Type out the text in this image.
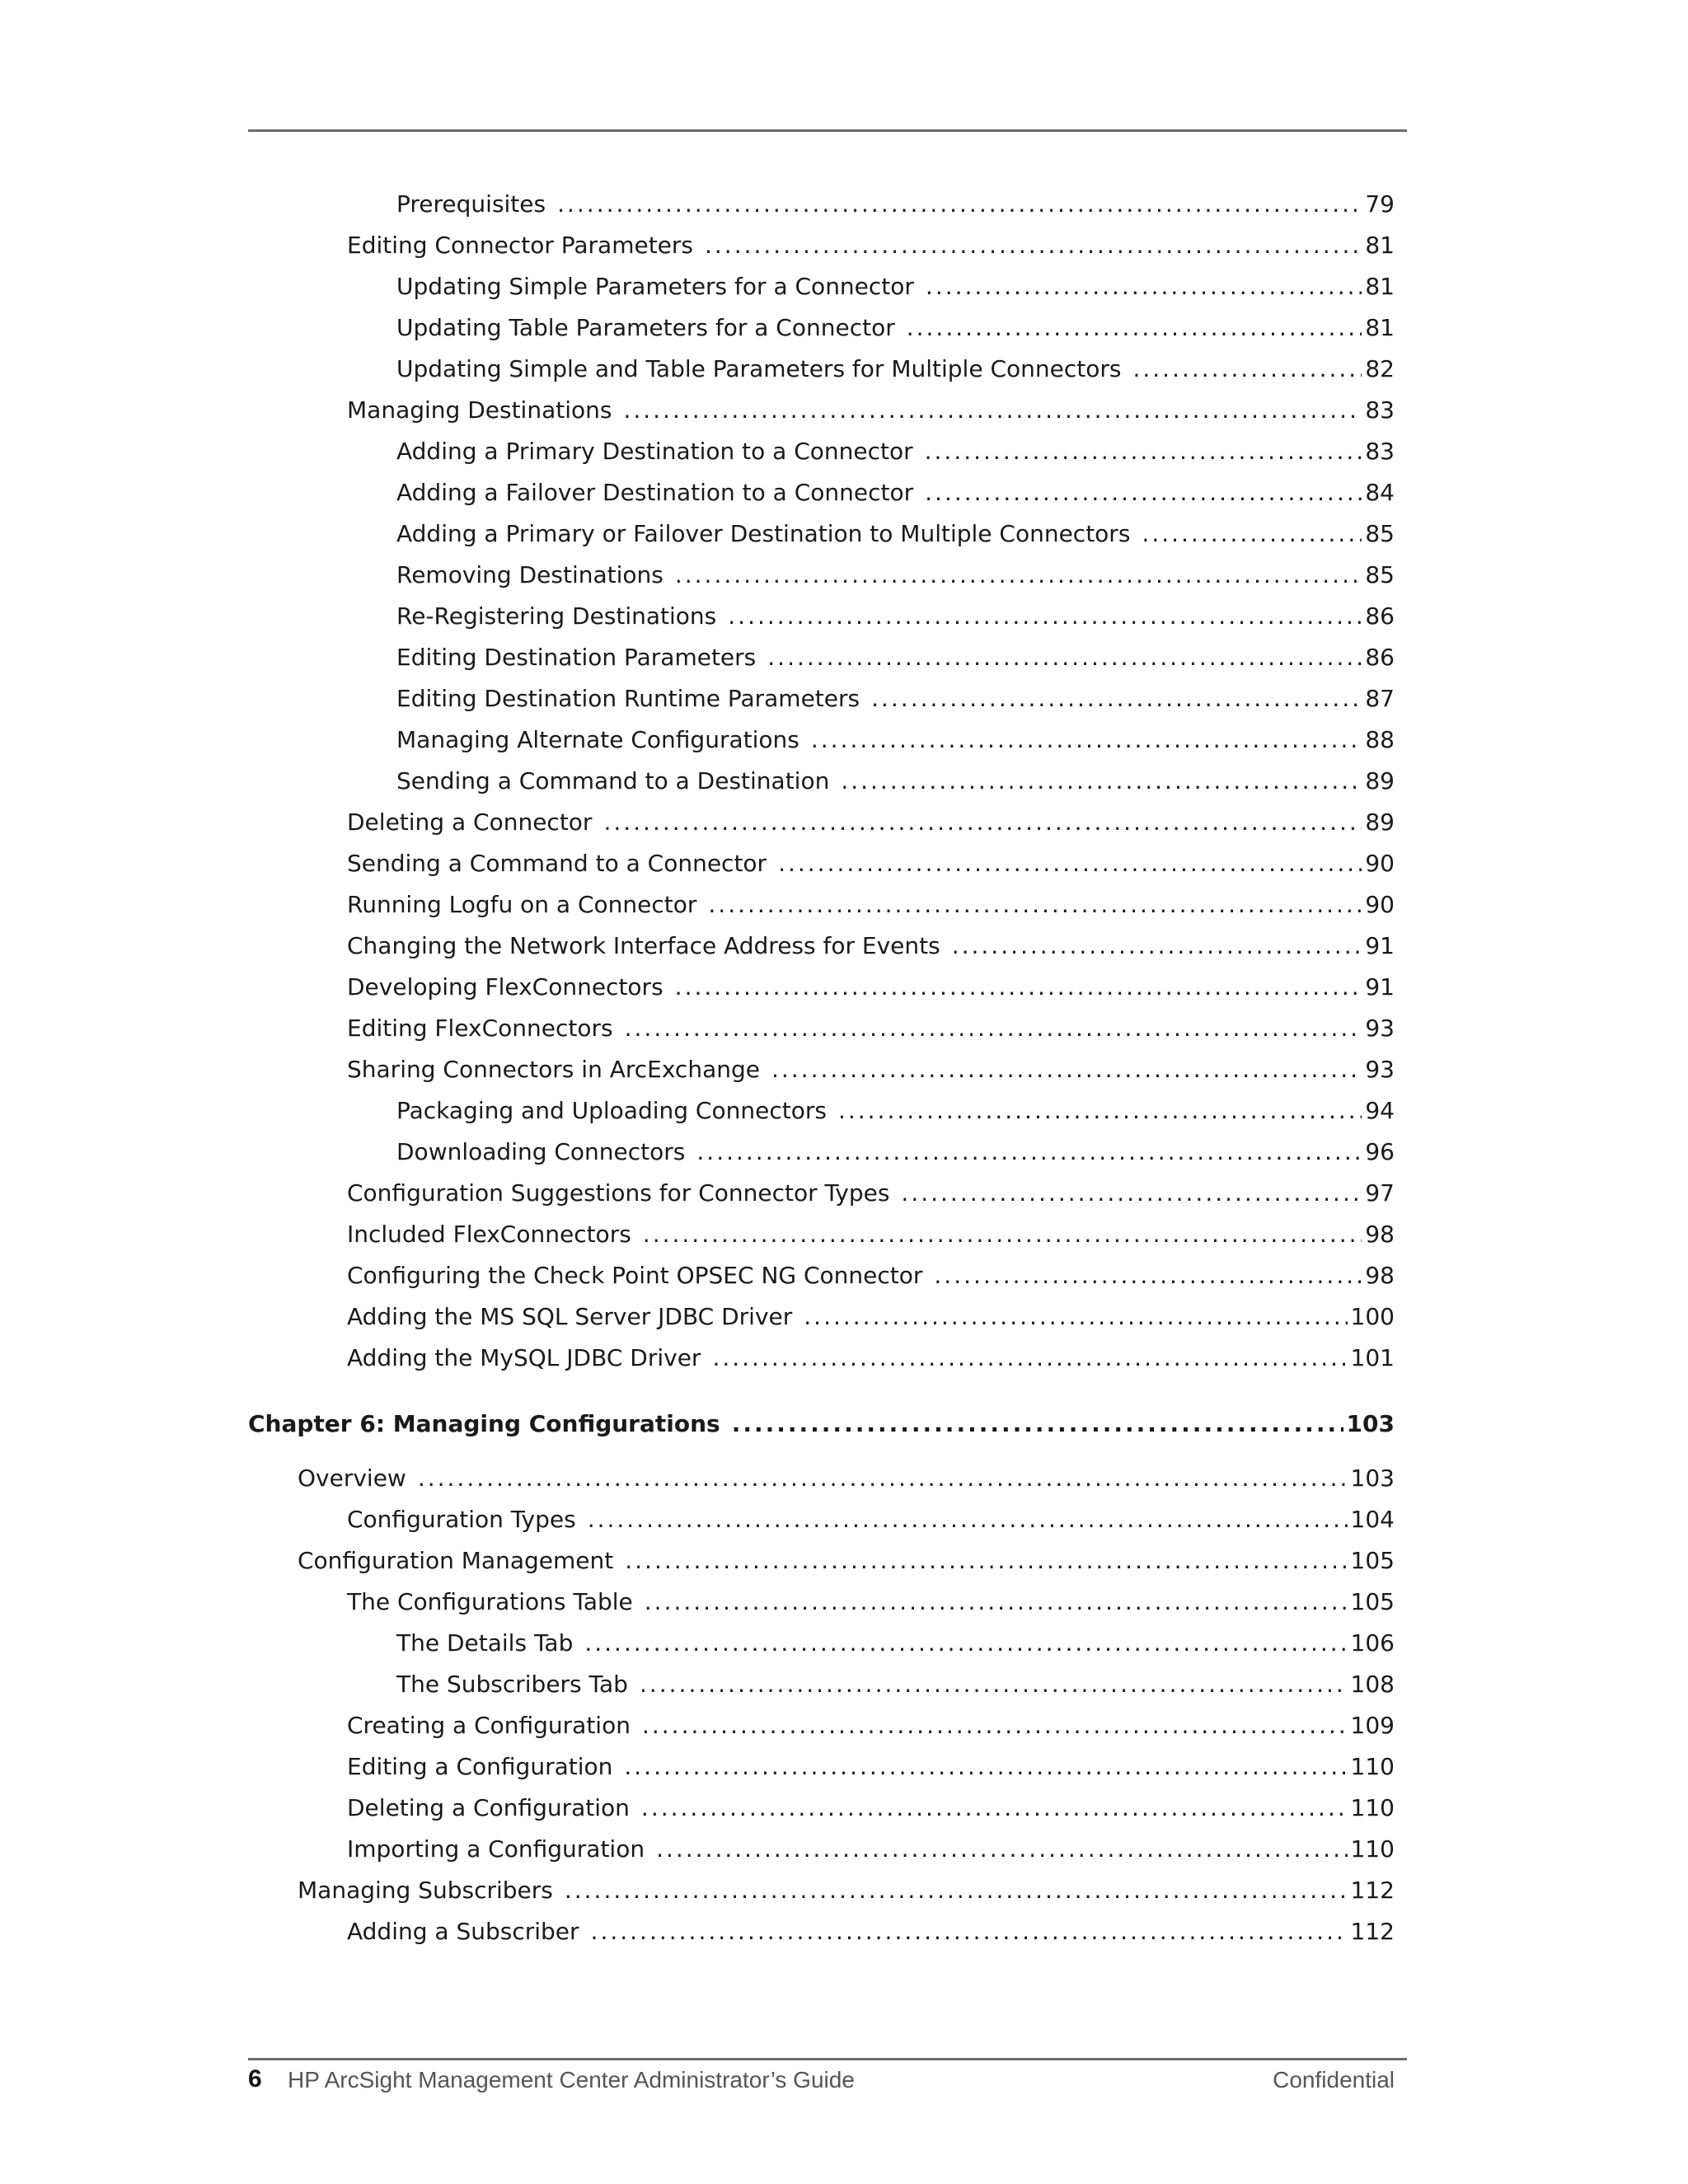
Prerequisites .....	79
Editing Connector Parameters .....	81
Updating Simple Parameters for a Connector .....	81
Updating Table Parameters for a Connector .....	81
Updating Simple and Table Parameters for Multiple Connectors .....	82
Managing Destinations .....	83
Adding a Primary Destination to a Connector .....	83
Adding a Failover Destination to a Connector .....	84
Adding a Primary or Failover Destination to Multiple Connectors .....	85
Removing Destinations .....	85
Re-Registering Destinations .....	86
Editing Destination Parameters .....	86
Editing Destination Runtime Parameters .....	87
Managing Alternate Configurations .....	88
Sending a Command to a Destination .....	89
Deleting a Connector .....	89
Sending a Command to a Connector .....	90
Running Logfu on a Connector .....	90
Changing the Network Interface Address for Events .....	91
Developing FlexConnectors .....	91
Editing FlexConnectors .....	93
Sharing Connectors in ArcExchange .....	93
Packaging and Uploading Connectors .....	94
Downloading Connectors .....	96
Configuration Suggestions for Connector Types .....	97
Included FlexConnectors .....	98
Configuring the Check Point OPSEC NG Connector .....	98
Adding the MS SQL Server JDBC Driver .....	100
Adding the MySQL JDBC Driver .....	101
Chapter 6: Managing Configurations .....	103
Overview .....	103
Configuration Types .....	104
Configuration Management .....	105
The Configurations Table .....	105
The Details Tab .....	106
The Subscribers Tab .....	108
Creating a Configuration .....	109
Editing a Configuration .....	110
Deleting a Configuration .....	110
Importing a Configuration .....	110
Managing Subscribers .....	112
Adding a Subscriber .....	112
6 HP ArcSight Management Center Administrator’s Guide	Confidential
